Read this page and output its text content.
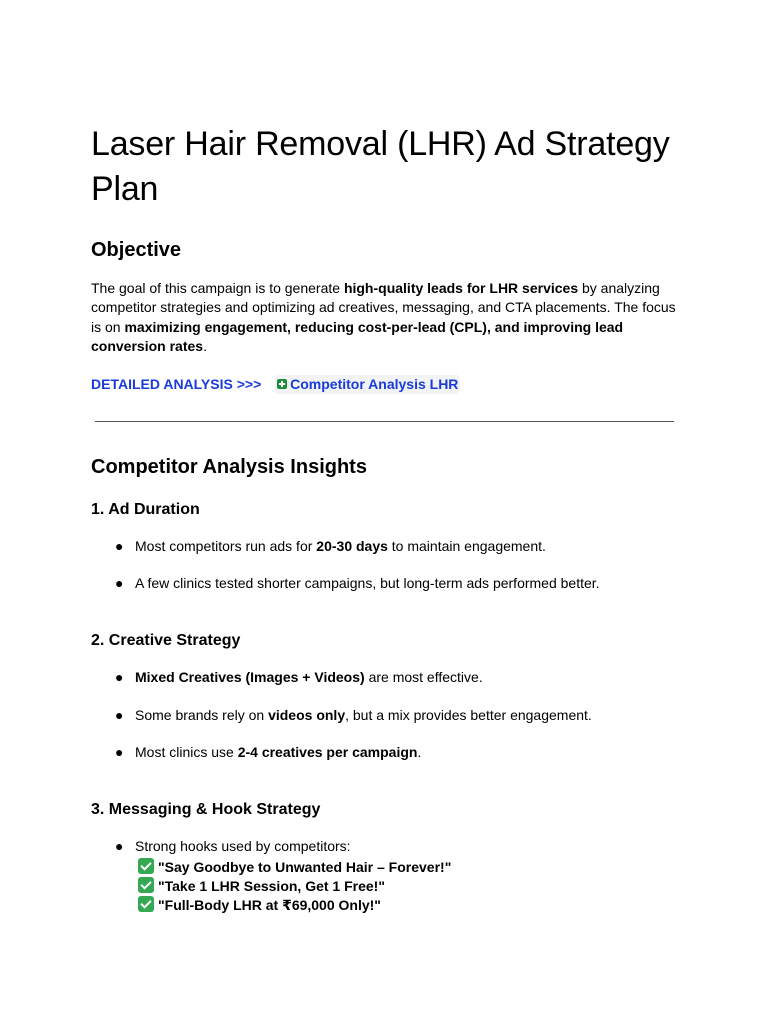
Laser Hair Removal (LHR) Ad Strategy Plan
Objective

The goal of this campaign is to generate high-quality leads for LHR services by analyzing competitor strategies and optimizing ad creatives, messaging, and CTA placements. The focus is on maximizing engagement, reducing cost-per-lead (CPL), and improving lead conversion rates.

DETAILED ANALYSIS >>> Competitor Analysis LHR
Competitor Analysis Insights
1. Ad Duration
● Most competitors run ads for 20-30 days to maintain engagement.
● A few clinics tested shorter campaigns, but long-term ads performed better.
2. Creative Strategy
● Mixed Creatives (Images + Videos) are most effective.
● Some brands rely on videos only, but a mix provides better engagement.
● Most clinics use 2-4 creatives per campaign.
3. Messaging & Hook Strategy
● Strong hooks used by competitors:
"Say Goodbye to Unwanted Hair – Forever!"
"Take 1 LHR Session, Get 1 Free!"
"Full-Body LHR at ₹69,000 Only!"
